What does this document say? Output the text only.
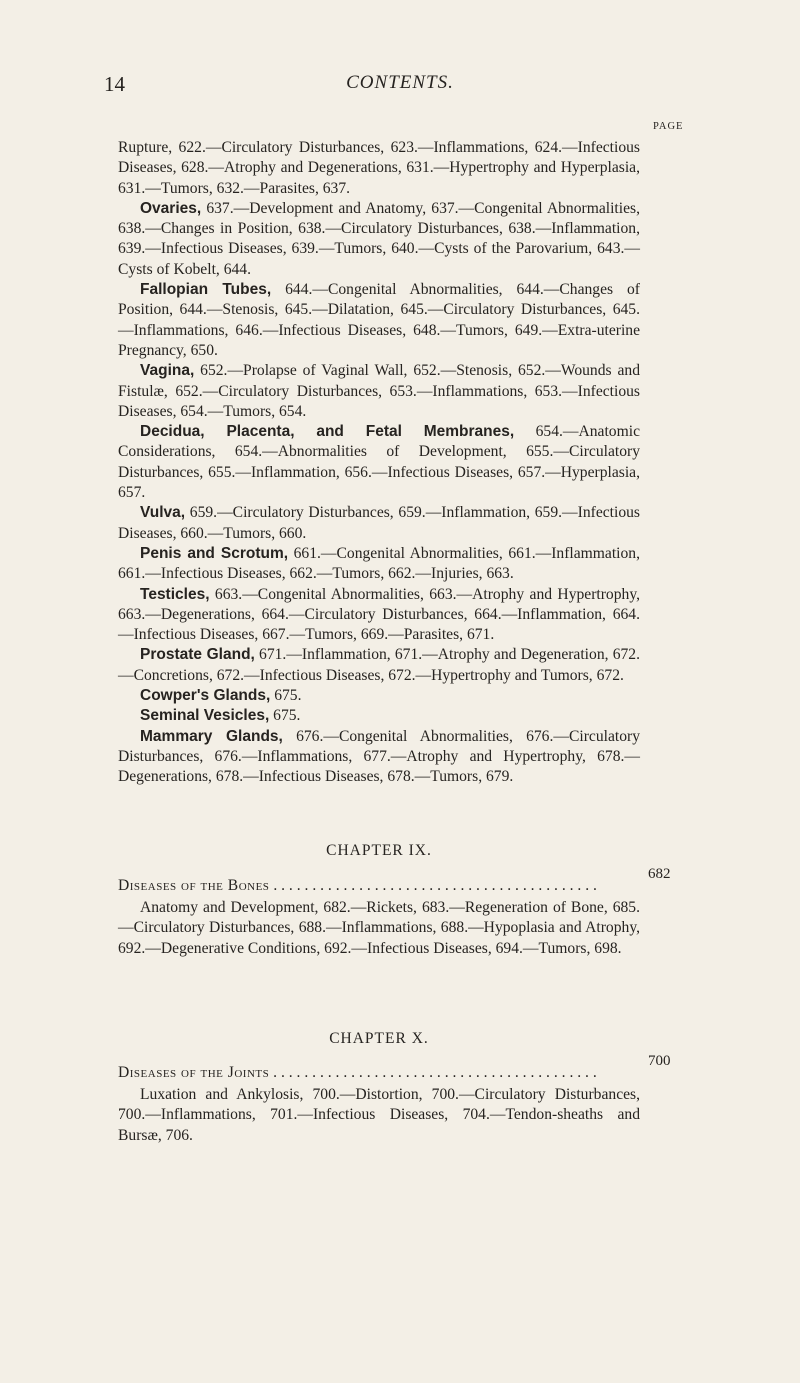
14	CONTENTS.
PAGE

Rupture, 622.—Circulatory Disturbances, 623.—Inflammations, 624.—Infectious Diseases, 628.—Atrophy and Degenerations, 631.—Hypertrophy and Hyperplasia, 631.—Tumors, 632.—Parasites, 637.

Ovaries, 637.—Development and Anatomy, 637.—Congenital Abnormalities, 638.—Changes in Position, 638.—Circulatory Disturbances, 638.—Inflammation, 639.—Infectious Diseases, 639.—Tumors, 640.—Cysts of the Parovarium, 643.—Cysts of Kobelt, 644.

Fallopian Tubes, 644.—Congenital Abnormalities, 644.—Changes of Position, 644.—Stenosis, 645.—Dilatation, 645.—Circulatory Disturbances, 645.—Inflammations, 646.—Infectious Diseases, 648.—Tumors, 649.—Extra-uterine Pregnancy, 650.

Vagina, 652.—Prolapse of Vaginal Wall, 652.—Stenosis, 652.—Wounds and Fistulæ, 652.—Circulatory Disturbances, 653.—Inflammations, 653.—Infectious Diseases, 654.—Tumors, 654.

Decidua, Placenta, and Fetal Membranes, 654.—Anatomic Considerations, 654.—Abnormalities of Development, 655.—Circulatory Disturbances, 655.—Inflammation, 656.—Infectious Diseases, 657.—Hyperplasia, 657.

Vulva, 659.—Circulatory Disturbances, 659.—Inflammation, 659.—Infectious Diseases, 660.—Tumors, 660.

Penis and Scrotum, 661.—Congenital Abnormalities, 661.—Inflammation, 661.—Infectious Diseases, 662.—Tumors, 662.—Injuries, 663.

Testicles, 663.—Congenital Abnormalities, 663.—Atrophy and Hypertrophy, 663.—Degenerations, 664.—Circulatory Disturbances, 664.—Inflammation, 664.—Infectious Diseases, 667.—Tumors, 669.—Parasites, 671.

Prostate Gland, 671.—Inflammation, 671.—Atrophy and Degeneration, 672.—Concretions, 672.—Infectious Diseases, 672.—Hypertrophy and Tumors, 672.

Cowper's Glands, 675.

Seminal Vesicles, 675.

Mammary Glands, 676.—Congenital Abnormalities, 676.—Circulatory Disturbances, 676.—Inflammations, 677.—Atrophy and Hypertrophy, 678.—Degenerations, 678.—Infectious Diseases, 678.—Tumors, 679.

CHAPTER IX.
Diseases of the Bones . . . . . . . . . . . . . . . . . . . . . . . . . . . . . . . . . . . . . . . . . .
682

Anatomy and Development, 682.—Rickets, 683.—Regeneration of Bone, 685.—Circulatory Disturbances, 688.—Inflammations, 688.—Hypoplasia and Atrophy, 692.—Degenerative Conditions, 692.—Infectious Diseases, 694.—Tumors, 698.

CHAPTER X.
Diseases of the Joints . . . . . . . . . . . . . . . . . . . . . . . . . . . . . . . . . . . . . . . . . .
700

Luxation and Ankylosis, 700.—Distortion, 700.—Circulatory Disturbances, 700.—Inflammations, 701.—Infectious Diseases, 704.—Tendon-sheaths and Bursæ, 706.
